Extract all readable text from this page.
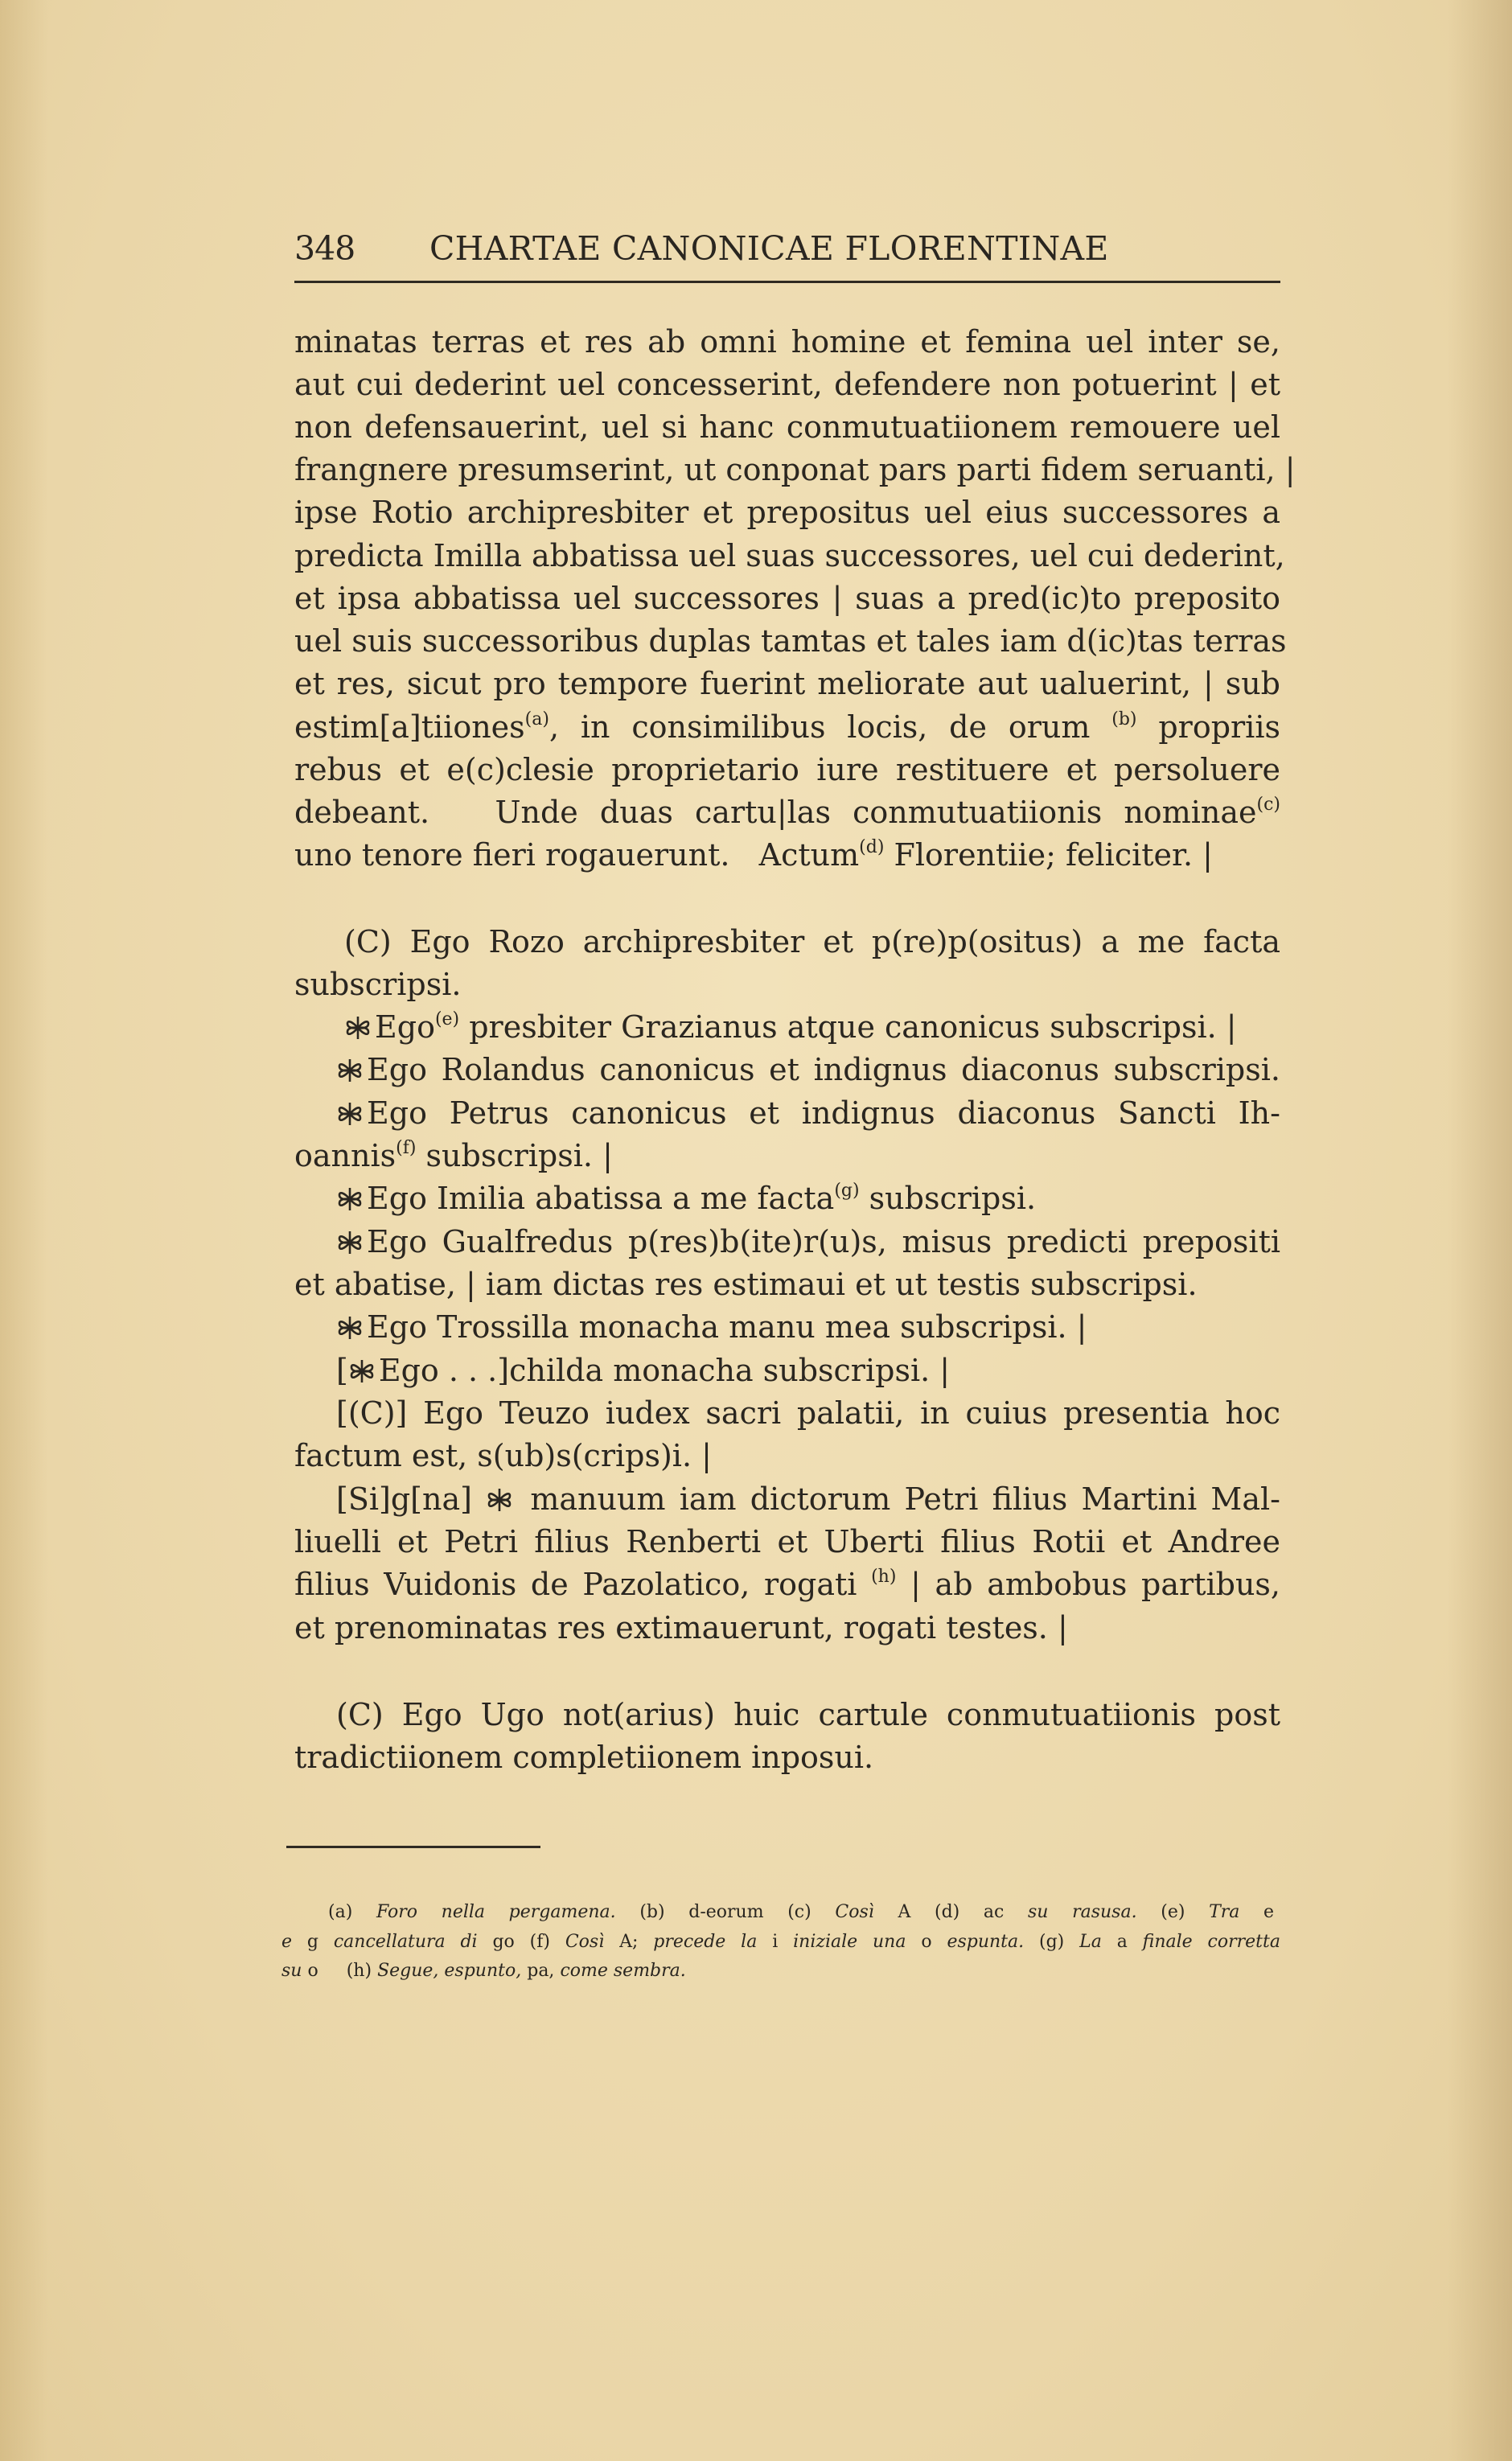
348 CHARTAE CANONICAE FLORENTINAE
minatas terras et res ab omni homine et femina uel inter se,
aut cui dederint uel concesserint, defendere non potuerint | et
non defensauerint, uel si hanc conmutuatiionem remouere uel
frangnere presumserint, ut conponat pars parti fidem seruanti, |
ipse Rotio archipresbiter et prepositus uel eius successores a
predicta Imilla abbatissa uel suas successores, uel cui dederint,
et ipsa abbatissa uel successores | suas a pred(ic)to preposito
uel suis successoribus duplas tamtas et tales iam d(ic)tas terras
et res, sicut pro tempore fuerint meliorate aut ualuerint, | sub
estim[a]tiiones$^{(a)}$, in consimilibus locis, de orum $^{(b)}$ propriis
rebus et e(c)clesie proprietario iure restituere et persoluere
debeant.   Unde duas cartu|las conmutuatiionis nominae$^{(c)}$
uno tenore fieri rogauerunt.   Actum$^{(d)}$ Florentiie; feliciter. |
(C) Ego Rozo archipresbiter et p(re)p(ositus) a me facta
subscripsi.
Ego$^{(e)}$ presbiter Grazianus atque canonicus subscripsi. |
Ego Rolandus canonicus et indignus diaconus subscripsi.
Ego Petrus canonicus et indignus diaconus Sancti Ih-
oannis$^{(f)}$ subscripsi. |
Ego Imilia abatissa a me facta$^{(g)}$ subscripsi.
Ego Gualfredus p(res)b(ite)r(u)s, misus predicti prepositi
et abatise, | iam dictas res estimaui et ut testis subscripsi.
Ego Trossilla monacha manu mea subscripsi. |
[ Ego . . .]childa monacha subscripsi. |
[(C)] Ego Teuzo iudex sacri palatii, in cuius presentia hoc
factum est, s(ub)s(crips)i. |
[Si]g[na] manuum iam dictorum Petri filius Martini Mal-
liuelli et Petri filius Renberti et Uberti filius Rotii et Andree
filius Vuidonis de Pazolatico, rogati $^{(h)}$ | ab ambobus partibus,
et prenominatas res extimauerunt, rogati testes. |
(C) Ego Ugo not(arius) huic cartule conmutuatiionis post
tradictiionem completiionem inposui.
(a) Foro nella pergamena. (b) d-eorum (c) Così A (d) ac su rasusa. (e) Tra e
e g cancellatura di go (f) Così A; precede la i iniziale una o espunta. (g) La a finale corretta
su o (h) Segue, espunto, pa, come sembra.
